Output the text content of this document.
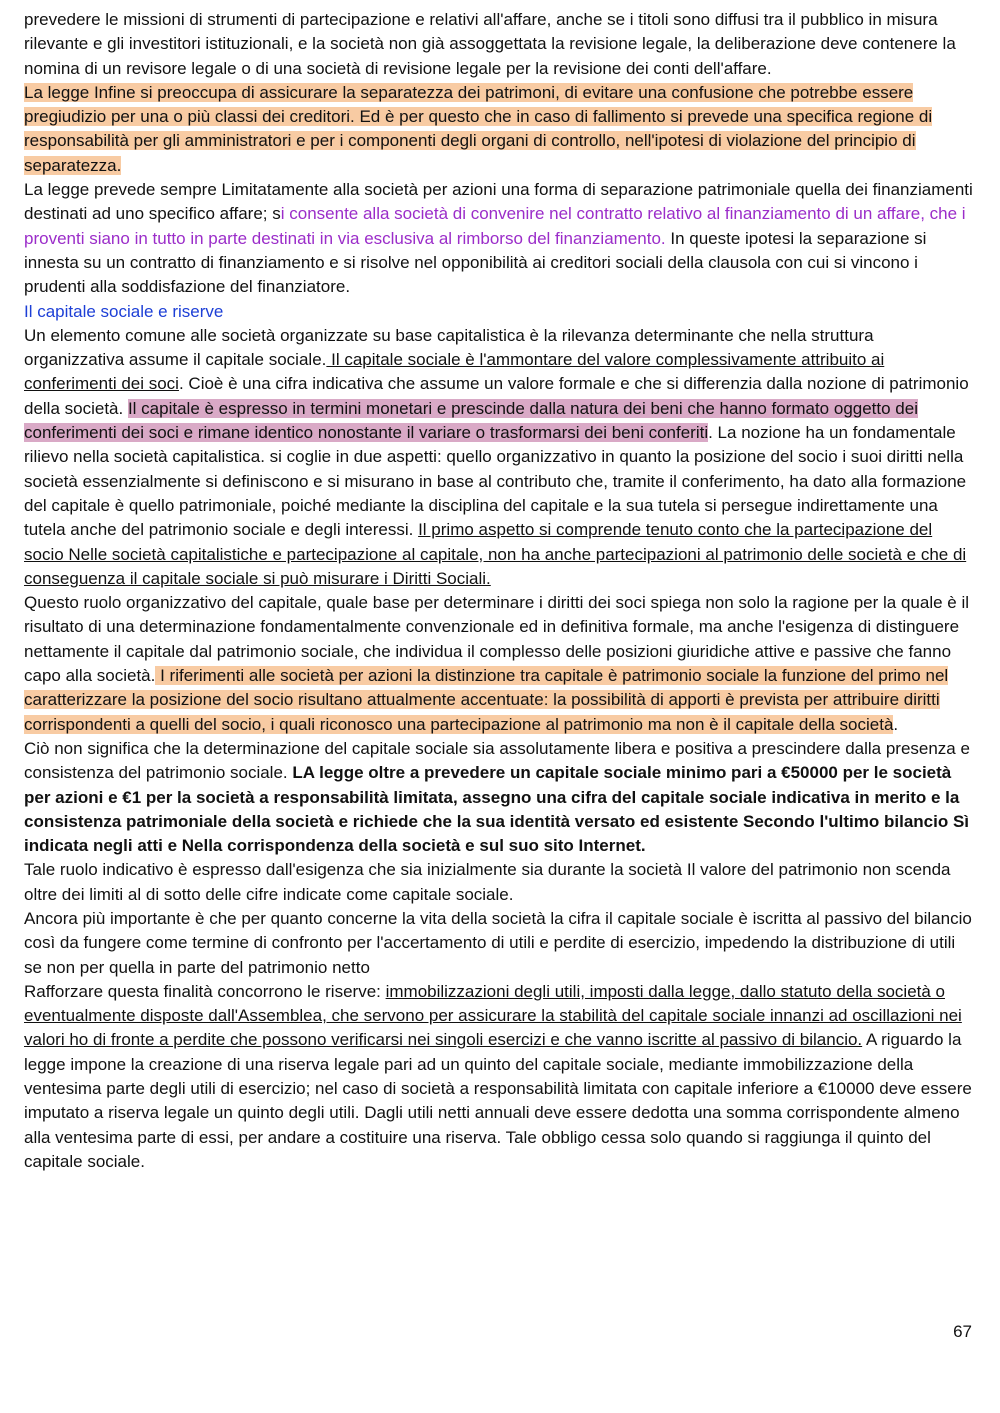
prevedere le missioni di strumenti di partecipazione e relativi all'affare, anche se i titoli sono diffusi tra il pubblico in misura rilevante e gli investitori istituzionali, e la società non già assoggettata la revisione legale, la deliberazione deve contenere la nomina di un revisore legale o di una società di revisione legale per la revisione dei conti dell'affare.

La legge Infine si preoccupa di assicurare la separatezza dei patrimoni, di evitare una confusione che potrebbe essere pregiudizio per una o più classi dei creditori. Ed è per questo che in caso di fallimento si prevede una specifica regione di responsabilità per gli amministratori e per i componenti degli organi di controllo, nell'ipotesi di violazione del principio di separatezza.

La legge prevede sempre Limitatamente alla società per azioni una forma di separazione patrimoniale quella dei finanziamenti destinati ad uno specifico affare; si consente alla società di convenire nel contratto relativo al finanziamento di un affare, che i proventi siano in tutto in parte destinati in via esclusiva al rimborso del finanziamento. In queste ipotesi la separazione si innesta su un contratto di finanziamento e si risolve nel opponibilità ai creditori sociali della clausola con cui si vincono i prudenti alla soddisfazione del finanziatore.

Il capitale sociale e riserve

Un elemento comune alle società organizzate su base capitalistica è la rilevanza determinante che nella struttura organizzativa assume il capitale sociale. Il capitale sociale è l'ammontare del valore complessivamente attribuito ai conferimenti dei soci. Cioè è una cifra indicativa che assume un valore formale e che si differenzia dalla nozione di patrimonio della società. Il capitale è espresso in termini monetari e prescinde dalla natura dei beni che hanno formato oggetto dei conferimenti dei soci e rimane identico nonostante il variare o trasformarsi dei beni conferiti. La nozione ha un fondamentale rilievo nella società capitalistica. si coglie in due aspetti: quello organizzativo in quanto la posizione del socio i suoi diritti nella società essenzialmente si definiscono e si misurano in base al contributo che, tramite il conferimento, ha dato alla formazione del capitale è quello patrimoniale, poiché mediante la disciplina del capitale e la sua tutela si persegue indirettamente una tutela anche del patrimonio sociale e degli interessi. Il primo aspetto si comprende tenuto conto che la partecipazione del socio Nelle società capitalistiche e partecipazione al capitale, non ha anche partecipazioni al patrimonio delle società e che di conseguenza il capitale sociale si può misurare i Diritti Sociali.

Questo ruolo organizzativo del capitale, quale base per determinare i diritti dei soci spiega non solo la ragione per la quale è il risultato di una determinazione fondamentalmente convenzionale ed in definitiva formale, ma anche l'esigenza di distinguere nettamente il capitale dal patrimonio sociale, che individua il complesso delle posizioni giuridiche attive e passive che fanno capo alla società. I riferimenti alle società per azioni la distinzione tra capitale è patrimonio sociale la funzione del primo nel caratterizzare la posizione del socio risultano attualmente accentuate: la possibilità di apporti è prevista per attribuire diritti corrispondenti a quelli del socio, i quali riconosco una partecipazione al patrimonio ma non è il capitale della società.

Ciò non significa che la determinazione del capitale sociale sia assolutamente libera e positiva a prescindere dalla presenza e consistenza del patrimonio sociale. LA legge oltre a prevedere un capitale sociale minimo pari a €50000 per le società per azioni e €1 per la società a responsabilità limitata, assegno una cifra del capitale sociale indicativa in merito e la consistenza patrimoniale della società e richiede che la sua identità versato ed esistente Secondo l'ultimo bilancio Sì indicata negli atti e Nella corrispondenza della società e sul suo sito Internet.

Tale ruolo indicativo è espresso dall'esigenza che sia inizialmente sia durante la società Il valore del patrimonio non scenda oltre dei limiti al di sotto delle cifre indicate come capitale sociale.

Ancora più importante è che per quanto concerne la vita della società la cifra il capitale sociale è iscritta al passivo del bilancio così da fungere come termine di confronto per l'accertamento di utili e perdite di esercizio, impedendo la distribuzione di utili se non per quella in parte del patrimonio netto

Rafforzare questa finalità concorrono le riserve: immobilizzazioni degli utili, imposti dalla legge, dallo statuto della società o eventualmente disposte dall'Assemblea, che servono per assicurare la stabilità del capitale sociale innanzi ad oscillazioni nei valori ho di fronte a perdite che possono verificarsi nei singoli esercizi e che vanno iscritte al passivo di bilancio. A riguardo la legge impone la creazione di una riserva legale pari ad un quinto del capitale sociale, mediante immobilizzazione della ventesima parte degli utili di esercizio; nel caso di società a responsabilità limitata con capitale inferiore a €10000 deve essere imputato a riserva legale un quinto degli utili. Dagli utili netti annuali deve essere dedotta una somma corrispondente almeno alla ventesima parte di essi, per andare a costituire una riserva. Tale obbligo cessa solo quando si raggiunga il quinto del capitale sociale.

67
